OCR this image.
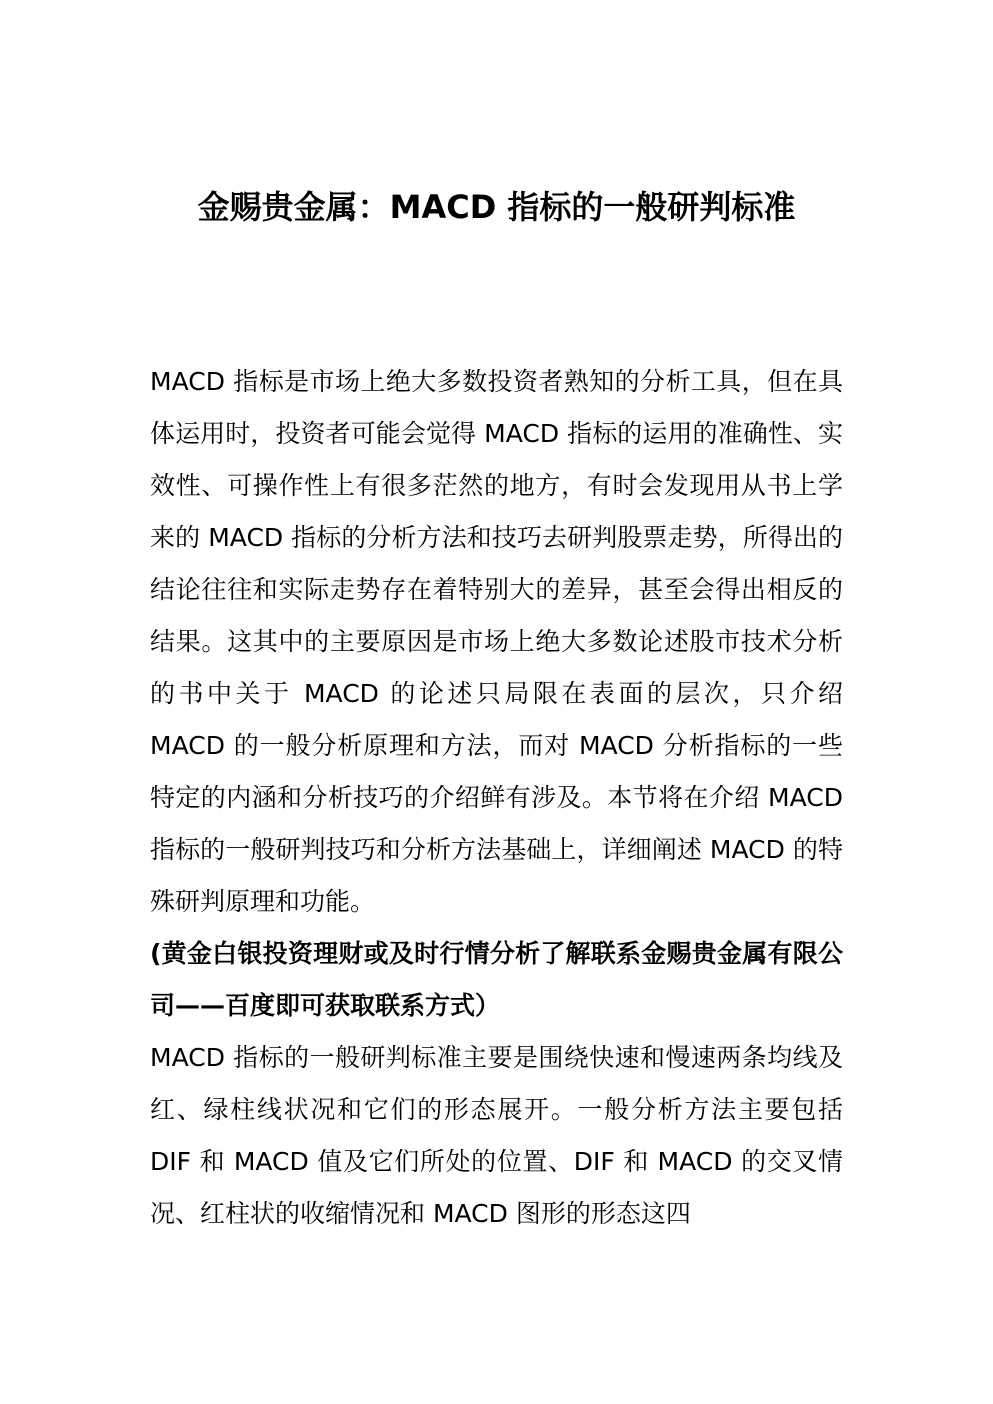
金赐贵金属：MACD 指标的一般研判标准

MACD 指标是市场上绝大多数投资者熟知的分析工具，但在具体运用时，投资者可能会觉得 MACD 指标的运用的准确性、实效性、可操作性上有很多茫然的地方，有时会发现用从书上学来的 MACD 指标的分析方法和技巧去研判股票走势，所得出的结论往往和实际走势存在着特别大的差异，甚至会得出相反的结果。这其中的主要原因是市场上绝大多数论述股市技术分析的书中关于 MACD 的论述只局限在表面的层次，只介绍 MACD 的一般分析原理和方法，而对 MACD 分析指标的一些特定的内涵和分析技巧的介绍鲜有涉及。本节将在介绍 MACD 指标的一般研判技巧和分析方法基础上，详细阐述 MACD 的特殊研判原理和功能。

(黄金白银投资理财或及时行情分析了解联系金赐贵金属有限公司——百度即可获取联系方式）

MACD 指标的一般研判标准主要是围绕快速和慢速两条均线及红、绿柱线状况和它们的形态展开。一般分析方法主要包括 DIF 和 MACD 值及它们所处的位置、DIF 和 MACD 的交叉情况、红柱状的收缩情况和 MACD 图形的形态这四
